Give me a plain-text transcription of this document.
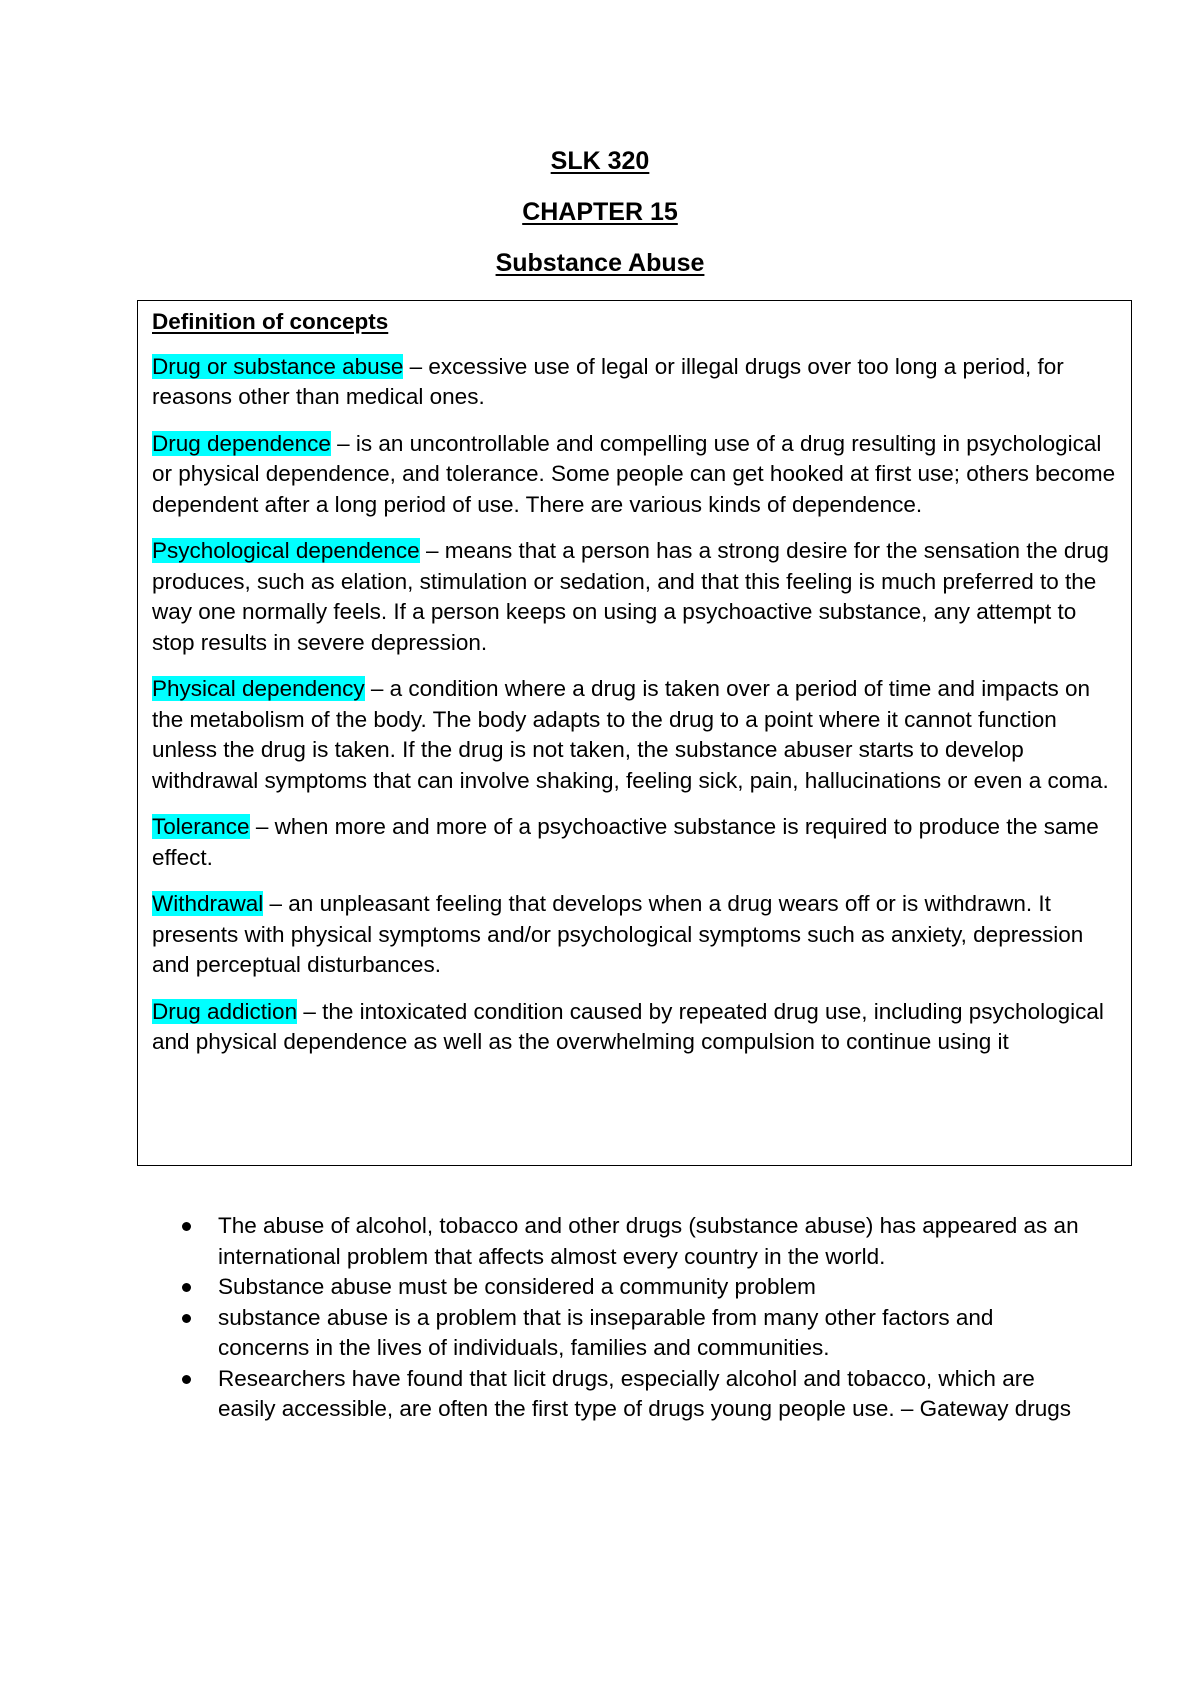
SLK 320
CHAPTER 15
Substance Abuse

Definition of concepts

Drug or substance abuse – excessive use of legal or illegal drugs over too long a period, for reasons other than medical ones.

Drug dependence – is an uncontrollable and compelling use of a drug resulting in psychological or physical dependence, and tolerance. Some people can get hooked at first use; others become dependent after a long period of use. There are various kinds of dependence.

Psychological dependence – means that a person has a strong desire for the sensation the drug produces, such as elation, stimulation or sedation, and that this feeling is much preferred to the way one normally feels. If a person keeps on using a psychoactive substance, any attempt to stop results in severe depression.

Physical dependency – a condition where a drug is taken over a period of time and impacts on the metabolism of the body. The body adapts to the drug to a point where it cannot function unless the drug is taken. If the drug is not taken, the substance abuser starts to develop withdrawal symptoms that can involve shaking, feeling sick, pain, hallucinations or even a coma.

Tolerance – when more and more of a psychoactive substance is required to produce the same effect.

Withdrawal – an unpleasant feeling that develops when a drug wears off or is withdrawn. It presents with physical symptoms and/or psychological symptoms such as anxiety, depression and perceptual disturbances.

Drug addiction – the intoxicated condition caused by repeated drug use, including psychological and physical dependence as well as the overwhelming compulsion to continue using it

The abuse of alcohol, tobacco and other drugs (substance abuse) has appeared as an international problem that affects almost every country in the world.
Substance abuse must be considered a community problem
substance abuse is a problem that is inseparable from many other factors and concerns in the lives of individuals, families and communities.
Researchers have found that licit drugs, especially alcohol and tobacco, which are easily accessible, are often the first type of drugs young people use. – Gateway drugs
